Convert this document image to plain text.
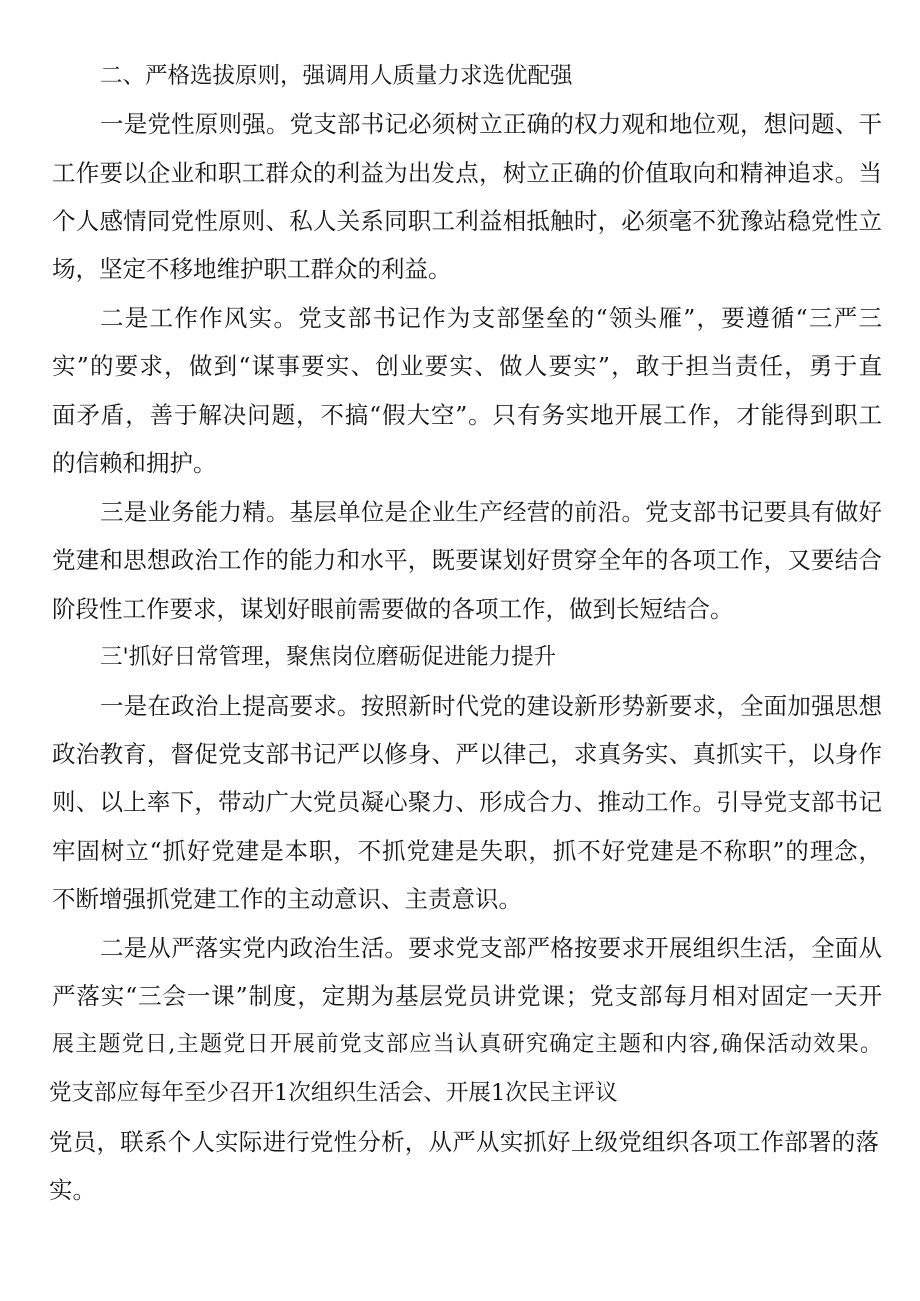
二、严格选拔原则，强调用人质量力求选优配强
一是党性原则强。党支部书记必须树立正确的权力观和地位观，想问题、干
工作要以企业和职工群众的利益为出发点，树立正确的价值取向和精神追求。当
个人感情同党性原则、私人关系同职工利益相抵触时，必须毫不犹豫站稳党性立
场，坚定不移地维护职工群众的利益。
二是工作作风实。党支部书记作为支部堡垒的“领头雁”，要遵循“三严三
实”的要求，做到“谋事要实、创业要实、做人要实”，敢于担当责任，勇于直
面矛盾，善于解决问题，不搞“假大空”。只有务实地开展工作，才能得到职工
的信赖和拥护。
三是业务能力精。基层单位是企业生产经营的前沿。党支部书记要具有做好
党建和思想政治工作的能力和水平，既要谋划好贯穿全年的各项工作，又要结合
阶段性工作要求，谋划好眼前需要做的各项工作，做到长短结合。
三'抓好日常管理，聚焦岗位磨砺促进能力提升
一是在政治上提高要求。按照新时代党的建设新形势新要求，全面加强思想
政治教育，督促党支部书记严以修身、严以律己，求真务实、真抓实干，以身作
则、以上率下，带动广大党员凝心聚力、形成合力、推动工作。引导党支部书记
牢固树立“抓好党建是本职，不抓党建是失职，抓不好党建是不称职”的理念，
不断增强抓党建工作的主动意识、主责意识。
二是从严落实党内政治生活。要求党支部严格按要求开展组织生活，全面从
严落实“三会一课”制度，定期为基层党员讲党课；党支部每月相对固定一天开
展主题党日,主题党日开展前党支部应当认真研究确定主题和内容,确保活动效果。
党支部应每年至少召开1次组织生活会、开展1次民主评议
党员，联系个人实际进行党性分析，从严从实抓好上级党组织各项工作部署的落
实。
